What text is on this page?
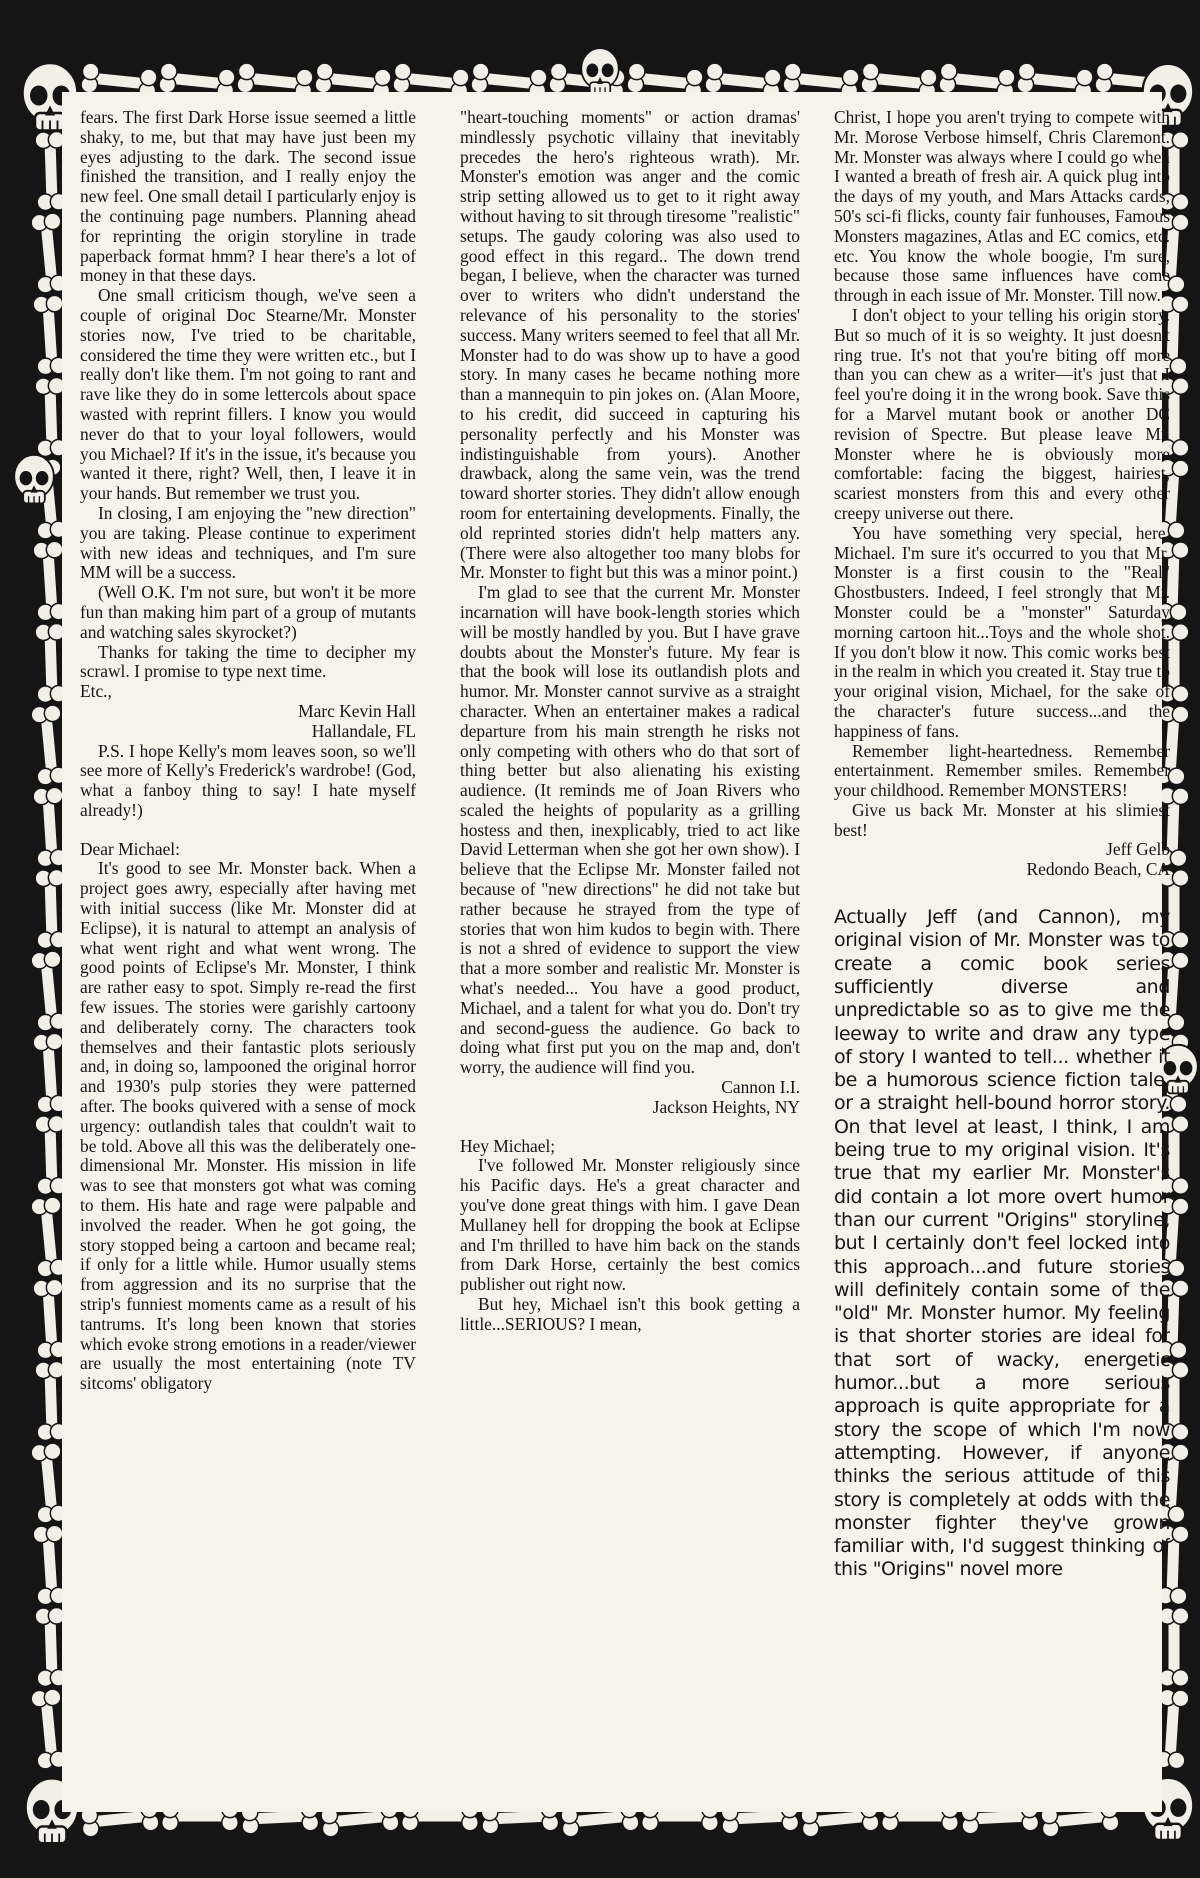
fears. The first Dark Horse issue seemed a little shaky, to me, but that may have just been my eyes adjusting to the dark. The second issue finished the transition, and I really enjoy the new feel. One small detail I particularly enjoy is the continuing page numbers. Planning ahead for reprinting the origin storyline in trade paperback format hmm? I hear there's a lot of money in that these days.

One small criticism though, we've seen a couple of original Doc Stearne/Mr. Monster stories now, I've tried to be charitable, considered the time they were written etc., but I really don't like them. I'm not going to rant and rave like they do in some lettercols about space wasted with reprint fillers. I know you would never do that to your loyal followers, would you Michael? If it's in the issue, it's because you wanted it there, right? Well, then, I leave it in your hands. But remember we trust you.

In closing, I am enjoying the "new direction" you are taking. Please continue to experiment with new ideas and techniques, and I'm sure MM will be a success.

(Well O.K. I'm not sure, but won't it be more fun than making him part of a group of mutants and watching sales skyrocket?)

Thanks for taking the time to decipher my scrawl. I promise to type next time.

Etc.,

Marc Kevin Hall

Hallandale, FL

P.S. I hope Kelly's mom leaves soon, so we'll see more of Kelly's Frederick's wardrobe! (God, what a fanboy thing to say! I hate myself already!)

Dear Michael:

It's good to see Mr. Monster back. When a project goes awry, especially after having met with initial success (like Mr. Monster did at Eclipse), it is natural to attempt an analysis of what went right and what went wrong. The good points of Eclipse's Mr. Monster, I think are rather easy to spot. Simply re-read the first few issues. The stories were garishly cartoony and deliberately corny. The characters took themselves and their fantastic plots seriously and, in doing so, lampooned the original horror and 1930's pulp stories they were patterned after. The books quivered with a sense of mock urgency: outlandish tales that couldn't wait to be told. Above all this was the deliberately one-dimensional Mr. Monster. His mission in life was to see that monsters got what was coming to them. His hate and rage were palpable and involved the reader. When he got going, the story stopped being a cartoon and became real; if only for a little while. Humor usually stems from aggression and its no surprise that the strip's funniest moments came as a result of his tantrums. It's long been known that stories which evoke strong emotions in a reader/viewer are usually the most entertaining (note TV sitcoms' obligatory

"heart-touching moments" or action dramas' mindlessly psychotic villainy that inevitably precedes the hero's righteous wrath). Mr. Monster's emotion was anger and the comic strip setting allowed us to get to it right away without having to sit through tiresome "realistic" setups. The gaudy coloring was also used to good effect in this regard.. The down trend began, I believe, when the character was turned over to writers who didn't understand the relevance of his personality to the stories' success. Many writers seemed to feel that all Mr. Monster had to do was show up to have a good story. In many cases he became nothing more than a mannequin to pin jokes on. (Alan Moore, to his credit, did succeed in capturing his personality perfectly and his Monster was indistinguishable from yours). Another drawback, along the same vein, was the trend toward shorter stories. They didn't allow enough room for entertaining developments. Finally, the old reprinted stories didn't help matters any. (There were also altogether too many blobs for Mr. Monster to fight but this was a minor point.)

I'm glad to see that the current Mr. Monster incarnation will have book-length stories which will be mostly handled by you. But I have grave doubts about the Monster's future. My fear is that the book will lose its outlandish plots and humor. Mr. Monster cannot survive as a straight character. When an entertainer makes a radical departure from his main strength he risks not only competing with others who do that sort of thing better but also alienating his existing audience. (It reminds me of Joan Rivers who scaled the heights of popularity as a grilling hostess and then, inexplicably, tried to act like David Letterman when she got her own show). I believe that the Eclipse Mr. Monster failed not because of "new directions" he did not take but rather because he strayed from the type of stories that won him kudos to begin with. There is not a shred of evidence to support the view that a more somber and realistic Mr. Monster is what's needed... You have a good product, Michael, and a talent for what you do. Don't try and second-guess the audience. Go back to doing what first put you on the map and, don't worry, the audience will find you.

Cannon I.I.

Jackson Heights, NY

Hey Michael;

I've followed Mr. Monster religiously since his Pacific days. He's a great character and you've done great things with him. I gave Dean Mullaney hell for dropping the book at Eclipse and I'm thrilled to have him back on the stands from Dark Horse, certainly the best comics publisher out right now.

But hey, Michael isn't this book getting a little...SERIOUS? I mean,

Christ, I hope you aren't trying to compete with Mr. Morose Verbose himself, Chris Claremont. Mr. Monster was always where I could go when I wanted a breath of fresh air. A quick plug into the days of my youth, and Mars Attacks cards, 50's sci-fi flicks, county fair funhouses, Famous Monsters magazines, Atlas and EC comics, etc. etc. You know the whole boogie, I'm sure, because those same influences have come through in each issue of Mr. Monster. Till now.

I don't object to your telling his origin story. But so much of it is so weighty. It just doesn't ring true. It's not that you're biting off more than you can chew as a writer—it's just that I feel you're doing it in the wrong book. Save this for a Marvel mutant book or another DC revision of Spectre. But please leave Mr. Monster where he is obviously more comfortable: facing the biggest, hairiest, scariest monsters from this and every other creepy universe out there.

You have something very special, here, Michael. I'm sure it's occurred to you that Mr. Monster is a first cousin to the "Real" Ghostbusters. Indeed, I feel strongly that Mr. Monster could be a "monster" Saturday morning cartoon hit...Toys and the whole shot. If you don't blow it now. This comic works best in the realm in which you created it. Stay true to your original vision, Michael, for the sake of the character's future success...and the happiness of fans.

Remember light-heartedness. Remember entertainment. Remember smiles. Remember your childhood. Remember MONSTERS!

Give us back Mr. Monster at his slimiest best!

Jeff Gelb

Redondo Beach, CA

Actually Jeff (and Cannon), my original vision of Mr. Monster was to create a comic book series sufficiently diverse and unpredictable so as to give me the leeway to write and draw any type of story I wanted to tell... whether it be a humorous science fiction tale, or a straight hell-bound horror story. On that level at least, I think, I am being true to my original vision. It's true that my earlier Mr. Monster's did contain a lot more overt humor than our current "Origins" storyline, but I certainly don't feel locked into this approach...and future stories will definitely contain some of the "old" Mr. Monster humor. My feeling is that shorter stories are ideal for that sort of wacky, energetic humor...but a more serious approach is quite appropriate for a story the scope of which I'm now attempting. However, if anyone thinks the serious attitude of this story is completely at odds with the monster fighter they've grown familiar with, I'd suggest thinking of this "Origins" novel more
